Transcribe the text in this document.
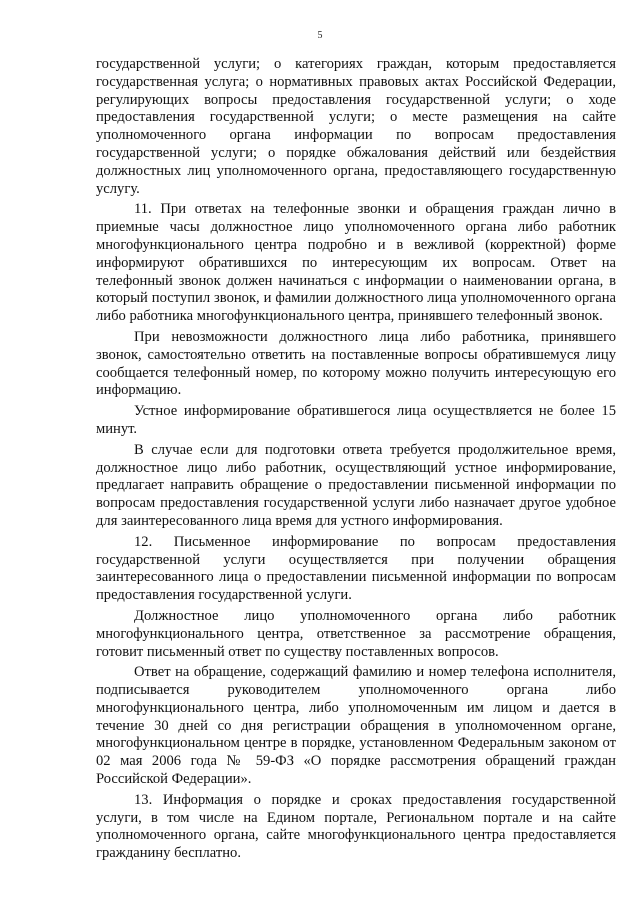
5

государственной услуги; о категориях граждан, которым предоставляется государственная услуга; о нормативных правовых актах Российской Федерации, регулирующих вопросы предоставления государственной услуги; о ходе предоставления государственной услуги; о месте размещения на сайте уполномоченного органа информации по вопросам предоставления государственной услуги; о порядке обжалования действий или бездействия должностных лиц уполномоченного органа, предоставляющего государственную услугу.

11. При ответах на телефонные звонки и обращения граждан лично в приемные часы должностное лицо уполномоченного органа либо работник многофункционального центра подробно и в вежливой (корректной) форме информируют обратившихся по интересующим их вопросам. Ответ на телефонный звонок должен начинаться с информации о наименовании органа, в который поступил звонок, и фамилии должностного лица уполномоченного органа либо работника многофункционального центра, принявшего телефонный звонок.

При невозможности должностного лица либо работника, принявшего звонок, самостоятельно ответить на поставленные вопросы обратившемуся лицу сообщается телефонный номер, по которому можно получить интересующую его информацию.

Устное информирование обратившегося лица осуществляется не более 15 минут.

В случае если для подготовки ответа требуется продолжительное время, должностное лицо либо работник, осуществляющий устное информирование, предлагает направить обращение о предоставлении письменной информации по вопросам предоставления государственной услуги либо назначает другое удобное для заинтересованного лица время для устного информирования.

12. Письменное информирование по вопросам предоставления государственной услуги осуществляется при получении обращения заинтересованного лица о предоставлении письменной информации по вопросам предоставления государственной услуги.

Должностное лицо уполномоченного органа либо работник многофункционального центра, ответственное за рассмотрение обращения, готовит письменный ответ по существу поставленных вопросов.

Ответ на обращение, содержащий фамилию и номер телефона исполнителя, подписывается руководителем уполномоченного органа либо многофункционального центра, либо уполномоченным им лицом и дается в течение 30 дней со дня регистрации обращения в уполномоченном органе, многофункциональном центре в порядке, установленном Федеральным законом от 02 мая 2006 года № 59-ФЗ «О порядке рассмотрения обращений граждан Российской Федерации».

13. Информация о порядке и сроках предоставления государственной услуги, в том числе на Едином портале, Региональном портале и на сайте уполномоченного органа, сайте многофункционального центра предоставляется гражданину бесплатно.
